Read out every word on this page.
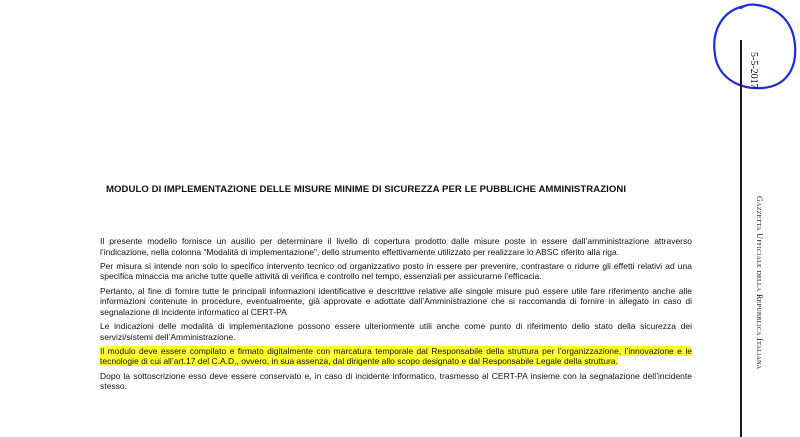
5-5-2017
Gazzetta Ufficiale della Repubblica Italiana
MODULO DI IMPLEMENTAZIONE DELLE MISURE MINIME DI SICUREZZA PER LE PUBBLICHE AMMINISTRAZIONI

Il presente modello fornisce un ausilio per determinare il livello di copertura prodotto dalle misure poste in essere dall’amministrazione attraverso l’indicazione, nella colonna “Modalità di implementazione”, dello strumento effettivamente utilizzato per realizzare lo ABSC riferito alla riga.

Per misura si intende non solo lo specifico intervento tecnico od organizzativo posto in essere per prevenire, contrastare o ridurre gli effetti relativi ad una specifica minaccia ma anche tutte quelle attività di verifica e controllo nel tempo, essenziali per assicurarne l’efficacia.

Pertanto, al fine di fornire tutte le principali informazioni identificative e descrittive relative alle singole misure può essere utile fare riferimento anche alle informazioni contenute in procedure, eventualmente, già approvate e adottate dall’Amministrazione che si raccomanda di fornire in allegato in caso di segnalazione di incidente informatico al CERT-PA

Le indicazioni delle modalità di implementazione possono essere ulteriormente utili anche come punto di riferimento dello stato della sicurezza dei servizi/sistemi dell’Amministrazione.

Il modulo deve essere compilato e firmato digitalmente con marcatura temporale dal Responsabile della struttura per l’organizzazione, l’innovazione e le tecnologie di cui all’art.17 del C.A.D., ovvero, in sua assenza, dal dirigente allo scopo designato e dal Responsabile Legale della struttura.

Dopo la sottoscrizione esso deve essere conservato e, in caso di incidente informatico, trasmesso al CERT-PA insieme con la segnalazione dell’incidente stesso.
